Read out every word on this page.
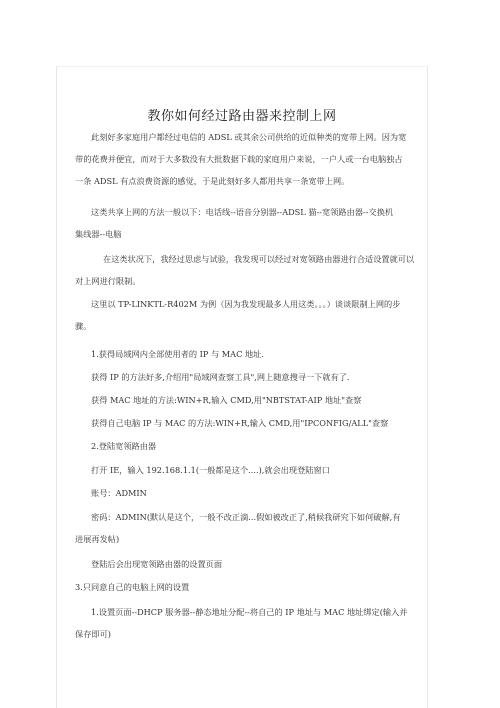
教你如何经过路由器来控制上网
此刻好多家庭用户都经过电信的 ADSL 或其余公司供给的近似种类的宽带上网。因为宽
带的花费并便宜，而对于大多数没有大批数据下载的家庭用户来说，一户人或一台电脑独占
一条 ADSL 有点浪费资源的感觉，于是此刻好多人都用共享一条宽带上网。
这类共享上网的方法一般以下：电话线--语音分别器--ADSL 猫--宽领路由器--交换机
集线器--电脑
在这类状况下，我经过思虑与试验，我发现可以经过对宽领路由器进行合适设置就可以
对上网进行限制。
这里以 TP-LINKTL-R402M 为例（因为我发现最多人用这类。。。）谈谈限制上网的步
骤。
1.获得局域网内全部使用者的 IP 与 MAC 地址.
获得 IP 的方法好多,介绍用"局域网查察工具",网上随意搜寻一下就有了.
获得 MAC 地址的方法:WIN+R,输入 CMD,用"NBTSTAT-AIP 地址"查察
获得自己电脑 IP 与 MAC 的方法:WIN+R,输入 CMD,用"IPCONFIG/ALL"查察
2.登陆宽领路由器
打开 IE，输入 192.168.1.1(一般都是这个....),就会出现登陆窗口
账号：ADMIN
密码：ADMIN(默认是这个，一般不改正滴...假如被改正了,稍候我研究下如何破解,有
进展再发帖)
登陆后会出现宽领路由器的设置页面
3.只同意自己的电脑上网的设置
1.设置页面--DHCP 服务器--静态地址分配--将自己的 IP 地址与 MAC 地址绑定(输入并
保存即可)
